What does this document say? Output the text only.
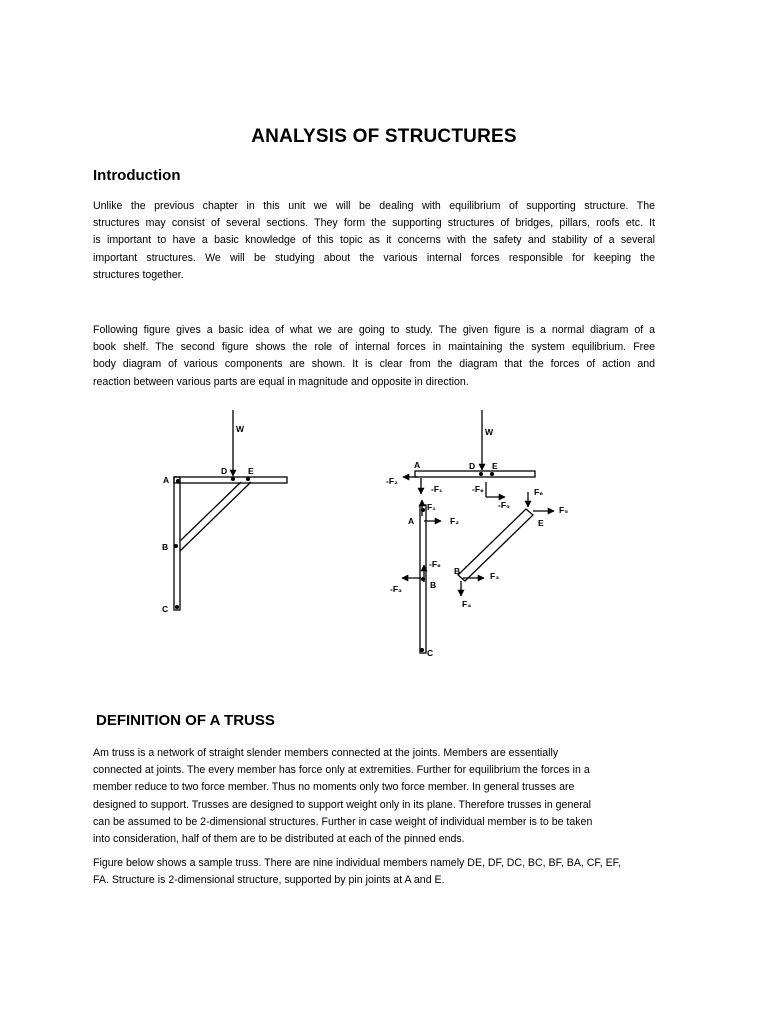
ANALYSIS OF STRUCTURES
Introduction
Unlike the previous chapter in this unit we will be dealing with equilibrium of supporting structure. The
structures may consist of several sections. They form the supporting structures of bridges, pillars, roofs etc. It
is important to have a basic knowledge of this topic as it concerns with the safety and stability of a several
important structures. We will be studying about the various internal forces responsible for keeping the
structures together.
Following figure gives a basic idea of what we are going to study. The given figure is a normal diagram of a
book shelf. The second figure shows the role of internal forces in maintaining the system equilibrium. Free
body diagram of various components are shown. It is clear from the diagram that the forces of action and
reaction between various parts are equal in magnitude and opposite in direction.
W
A
D E
B
C
W
A	D E
-F₂
-F₁	-F₆	F₆
-F₅	F₅
E
F₁
A	F₂
-F₆
-F₃	B
B	F₃
F₄
C
DEFINITION OF A TRUSS
Am truss is a network of straight slender members connected at the joints. Members are essentially
connected at joints. The every member has force only at extremities. Further for equilibrium the forces in a
member reduce to two force member. Thus no moments only two force member. In general trusses are
designed to support. Trusses are designed to support weight only in its plane. Therefore trusses in general
can be assumed to be 2-dimensional structures. Further in case weight of individual member is to be taken
into consideration, half of them are to be distributed at each of the pinned ends.
Figure below shows a sample truss. There are nine individual members namely DE, DF, DC, BC, BF, BA, CF, EF,
FA. Structure is 2-dimensional structure, supported by pin joints at A and E.
